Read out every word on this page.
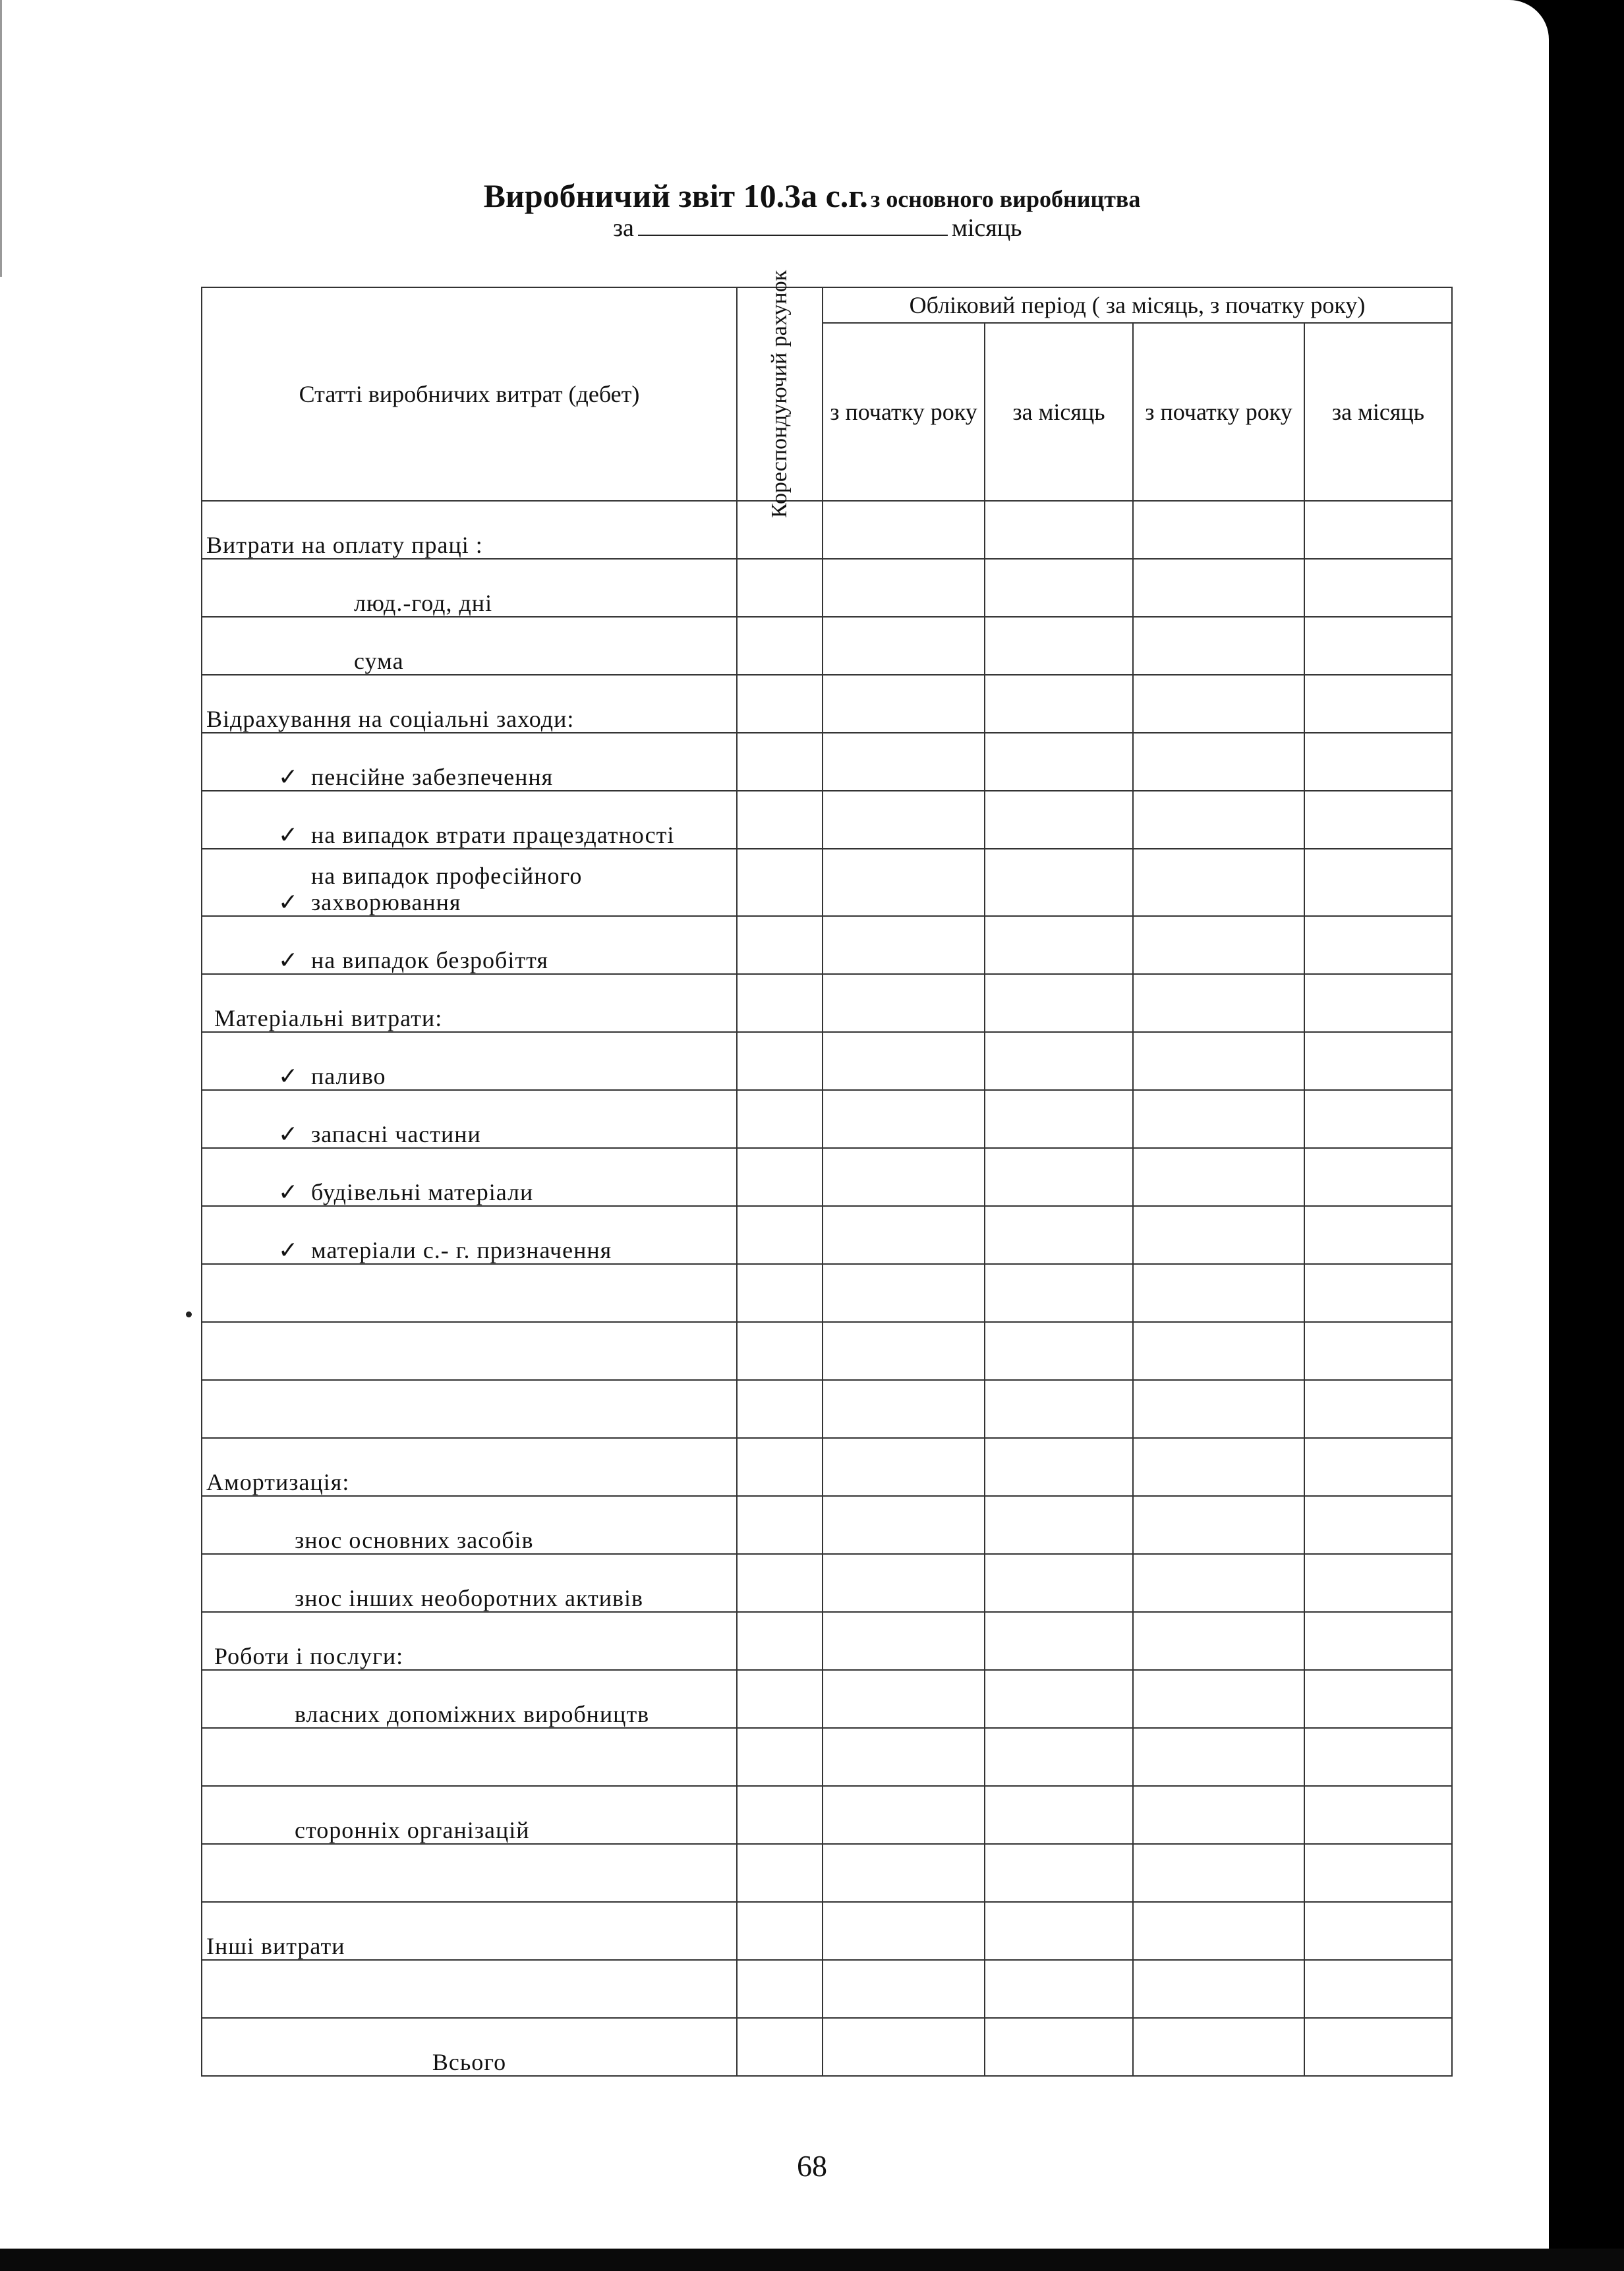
Виробничий звіт 10.3а с.г. з основного виробництва
за	місяць
Статті виробничих витрат (дебет)	Кореспондуючий рахунок	Обліковий період ( за місяць, з початку року)			
		з початку року	за місяць	з початку року	за місяць
Витрати на оплату праці :					
люд.-год, дні					
сума					
Відрахування на соціальні заходи:					
✓ пенсійне забезпечення					
✓ на випадок втрати працездатності					
✓на випадок професійного захворювання					
✓ на випадок безробіття					
Матеріальні витрати:					
✓ паливо					
✓ запасні частини					
✓ будівельні матеріали					
✓ матеріали с.- г. призначення					

Амортизація:					
знос основних засобів					
знос інших необоротних активів					
Роботи і послуги:					
власних допоміжних виробництв					

сторонніх організацій					

Інші витрати					

Всього					
68
